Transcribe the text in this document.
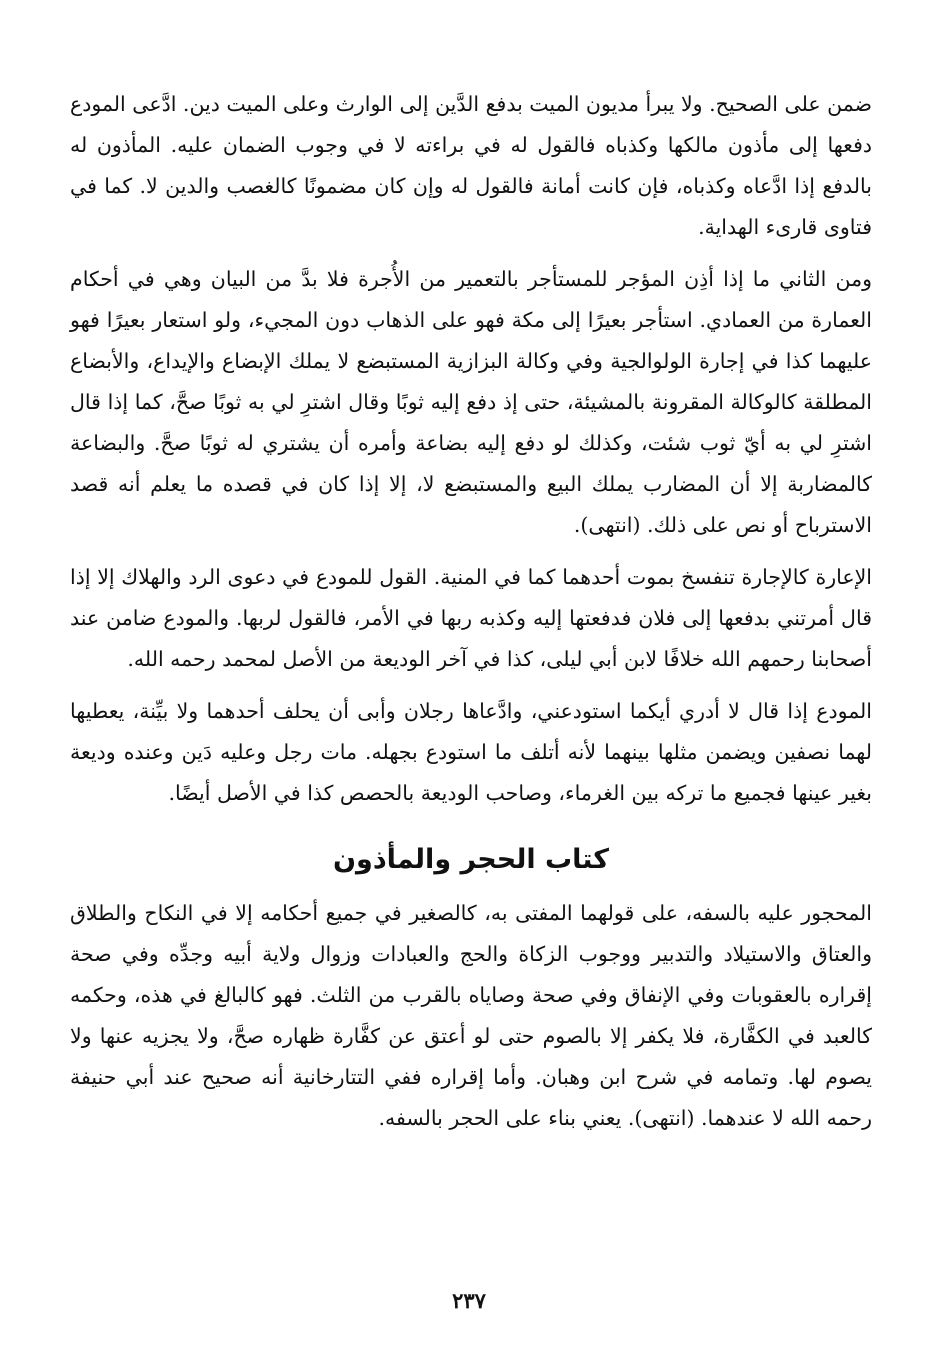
ضمن على الصحيح. ولا يبرأ مديون الميت بدفع الدَّين إلى الوارث وعلى الميت دين. ادَّعى المودع دفعها إلى مأذون مالكها وكذباه فالقول له في براءته لا في وجوب الضمان عليه. المأذون له بالدفع إذا ادَّعاه وكذباه، فإن كانت أمانة فالقول له وإن كان مضمونًا كالغصب والدين لا. كما في فتاوى قارىء الهداية.

ومن الثاني ما إذا أذِن المؤجر للمستأجر بالتعمير من الأُجرة فلا بدَّ من البيان وهي في أحكام العمارة من العمادي. استأجر بعيرًا إلى مكة فهو على الذهاب دون المجيء، ولو استعار بعيرًا فهو عليهما كذا في إجارة الولوالجية وفي وكالة البزازية المستبضع لا يملك الإبضاع والإيداع، والأبضاع المطلقة كالوكالة المقرونة بالمشيئة، حتى إذ دفع إليه ثوبًا وقال اشترِ لي به ثوبًا صحَّ، كما إذا قال اشترِ لي به أيّ ثوب شئت، وكذلك لو دفع إليه بضاعة وأمره أن يشتري له ثوبًا صحَّ. والبضاعة كالمضاربة إلا أن المضارب يملك البيع والمستبضع لا، إلا إذا كان في قصده ما يعلم أنه قصد الاسترباح أو نص على ذلك. (انتهى).

الإعارة كالإجارة تنفسخ بموت أحدهما كما في المنية. القول للمودع في دعوى الرد والهلاك إلا إذا قال أمرتني بدفعها إلى فلان فدفعتها إليه وكذبه ربها في الأمر، فالقول لربها. والمودع ضامن عند أصحابنا رحمهم الله خلافًا لابن أبي ليلى، كذا في آخر الوديعة من الأصل لمحمد رحمه الله.

المودع إذا قال لا أدري أيكما استودعني، وادَّعاها رجلان وأبى أن يحلف أحدهما ولا بيِّنة، يعطيها لهما نصفين ويضمن مثلها بينهما لأنه أتلف ما استودع بجهله. مات رجل وعليه دَين وعنده وديعة بغير عينها فجميع ما تركه بين الغرماء، وصاحب الوديعة بالحصص كذا في الأصل أيضًا.

كتاب الحجر والمأذون

المحجور عليه بالسفه، على قولهما المفتى به، كالصغير في جميع أحكامه إلا في النكاح والطلاق والعتاق والاستيلاد والتدبير ووجوب الزكاة والحج والعبادات وزوال ولاية أبيه وجدِّه وفي صحة إقراره بالعقوبات وفي الإنفاق وفي صحة وصاياه بالقرب من الثلث. فهو كالبالغ في هذه، وحكمه كالعبد في الكفَّارة، فلا يكفر إلا بالصوم حتى لو أعتق عن كفَّارة ظهاره صحَّ، ولا يجزيه عنها ولا يصوم لها. وتمامه في شرح ابن وهبان. وأما إقراره ففي التتارخانية أنه صحيح عند أبي حنيفة رحمه الله لا عندهما. (انتهى). يعني بناء على الحجر بالسفه.

٢٣٧
